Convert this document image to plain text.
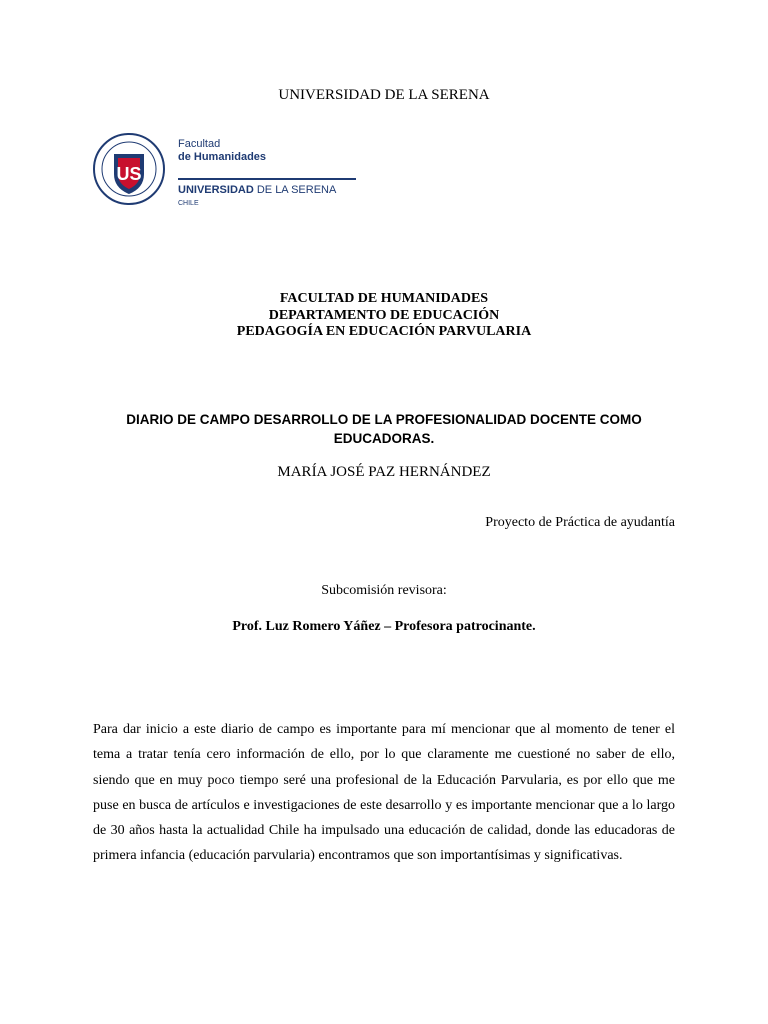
UNIVERSIDAD DE LA SERENA
US
Facultad
de Humanidades
UNIVERSIDAD DE LA SERENA
CHILE
FACULTAD DE HUMANIDADES
DEPARTAMENTO DE EDUCACIÓN
PEDAGOGÍA EN EDUCACIÓN PARVULARIA
DIARIO DE CAMPO DESARROLLO DE LA PROFESIONALIDAD DOCENTE COMO EDUCADORAS.
MARÍA JOSÉ PAZ HERNÁNDEZ
Proyecto de Práctica de ayudantía
Subcomisión revisora:
Prof. Luz Romero Yáñez – Profesora patrocinante.
Para dar inicio a este diario de campo es importante para mí mencionar que al momento de tener el tema a tratar tenía cero información de ello, por lo que claramente me cuestioné no saber de ello, siendo que en muy poco tiempo seré una profesional de la Educación Parvularia, es por ello que me puse en busca de artículos e investigaciones de este desarrollo y es importante mencionar que a lo largo de 30 años hasta la actualidad Chile ha impulsado una educación de calidad, donde las educadoras de primera infancia (educación parvularia) encontramos que son importantísimas y significativas.
